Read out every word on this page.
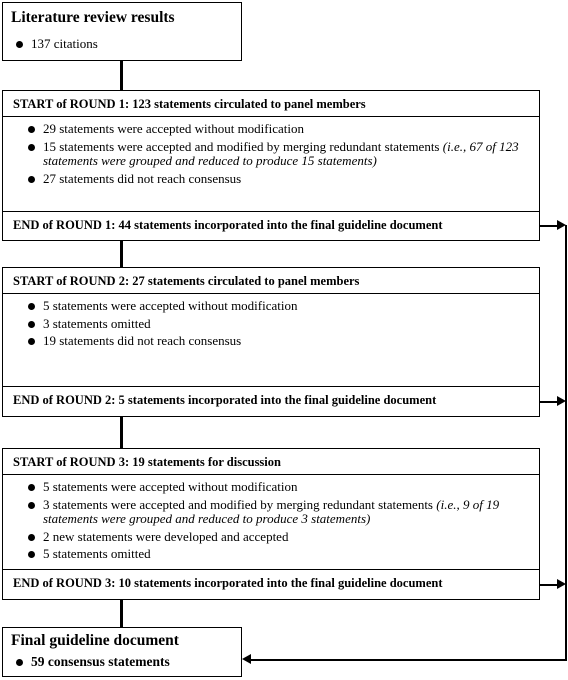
Literature review results
137 citations
START of ROUND 1: 123 statements circulated to panel members
29 statements were accepted without modification
15 statements were accepted and modified by merging redundant statements (i.e., 67 of 123 statements were grouped and reduced to produce 15 statements)
27 statements did not reach consensus
END of ROUND 1: 44 statements incorporated into the final guideline document
START of ROUND 2: 27 statements circulated to panel members
5 statements were accepted without modification
3 statements omitted
19 statements did not reach consensus
END of ROUND 2: 5 statements incorporated into the final guideline document
START of ROUND 3: 19 statements for discussion
5 statements were accepted without modification
3 statements were accepted and modified by merging redundant statements (i.e., 9 of 19 statements were grouped and reduced to produce 3 statements)
2 new statements were developed and accepted
5 statements omitted
END of ROUND 3: 10 statements incorporated into the final guideline document
Final guideline document
59 consensus statements
